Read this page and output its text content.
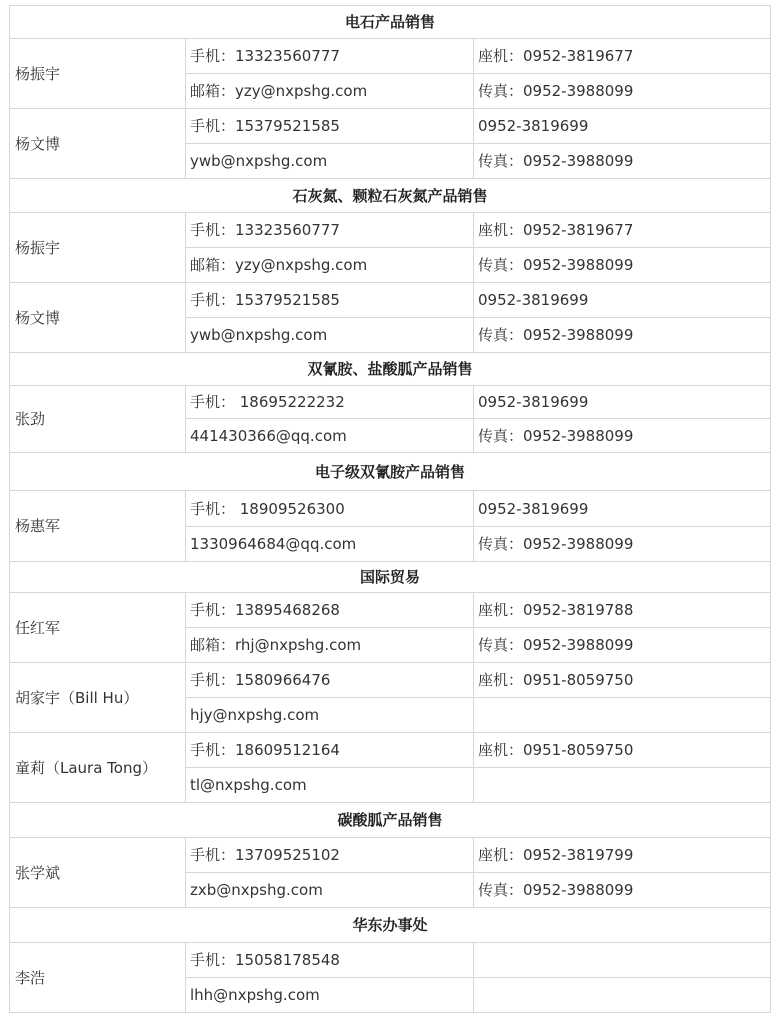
电石产品销售		
杨振宇	手机：13323560777	座机：0952-3819677
	邮箱：yzy@nxpshg.com	传真：0952-3988099
杨文博	手机：15379521585	0952-3819699
	ywb@nxpshg.com	传真：0952-3988099
石灰氮、颗粒石灰氮产品销售		
杨振宇	手机：13323560777	座机：0952-3819677
	邮箱：yzy@nxpshg.com	传真：0952-3988099
杨文博	手机：15379521585	0952-3819699
	ywb@nxpshg.com	传真：0952-3988099
双氰胺、盐酸胍产品销售		
张劲	手机： 18695222232	0952-3819699
	441430366@qq.com	传真：0952-3988099
电子级双氰胺产品销售		
杨惠军	手机： 18909526300	0952-3819699
	1330964684@qq.com	传真：0952-3988099
国际贸易		
任红军	手机：13895468268	座机：0952-3819788
	邮箱：rhj@nxpshg.com	传真：0952-3988099
胡家宇（Bill Hu）	手机：1580966476	座机：0951-8059750
	hjy@nxpshg.com	
童莉（Laura Tong）	手机：18609512164	座机：0951-8059750
	tl@nxpshg.com	
碳酸胍产品销售		
张学斌	手机：13709525102	座机：0952-3819799
	zxb@nxpshg.com	传真：0952-3988099
华东办事处		
李浩	手机：15058178548	
	lhh@nxpshg.com	
